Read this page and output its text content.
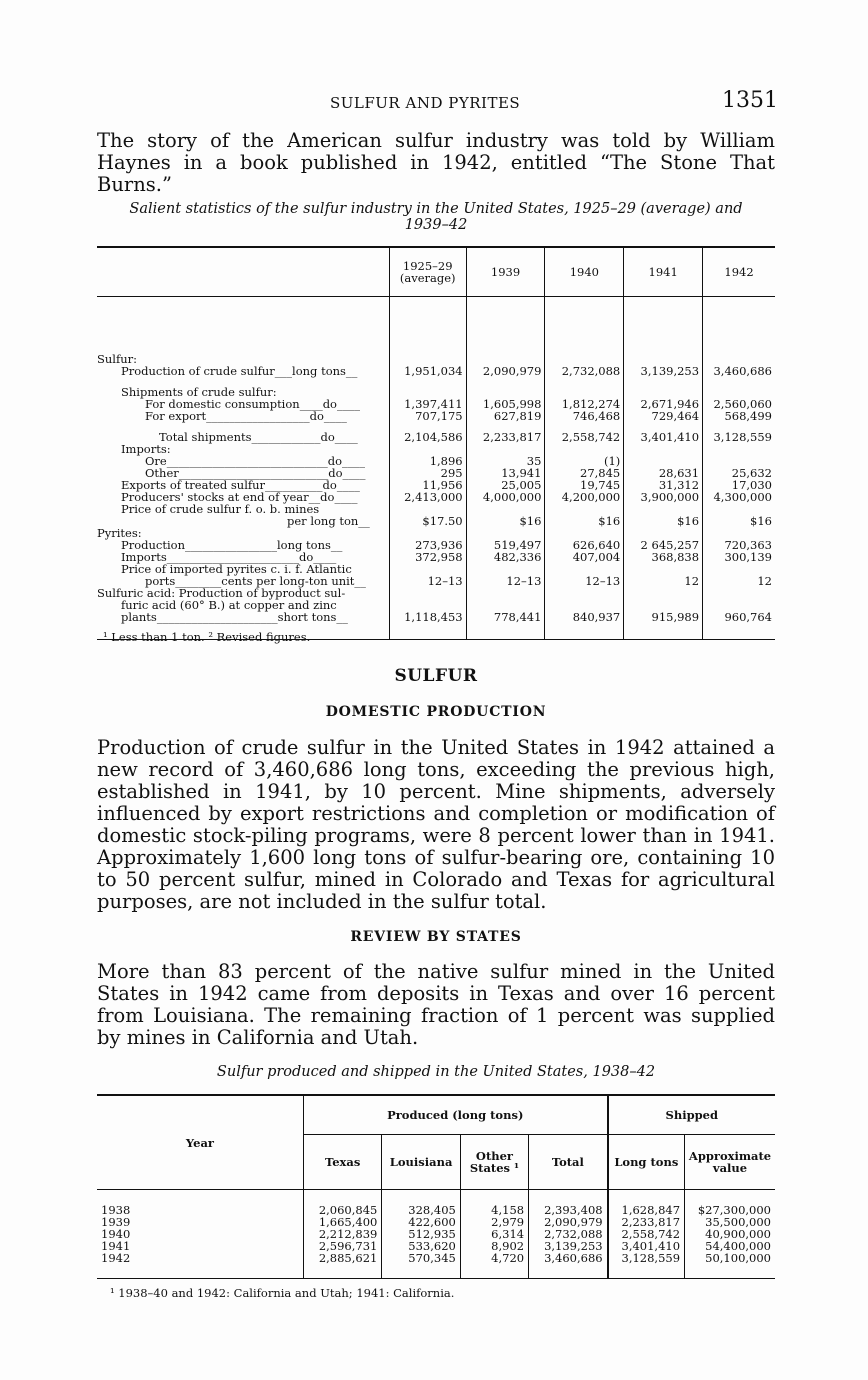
SULFUR AND PYRITES	1351
The story of the American sulfur industry was told by William Haynes in a book published in 1942, entitled “The Stone That Burns.”
Salient statistics of the sulfur industry in the United States, 1925–29 (average) and
1939–42
	1925–29 (average)	1939	1940	1941	1942
Sulfur:					
Production of crude sulfur___long tons__	1,951,034	2,090,979	2,732,088	3,139,253	3,460,686
Shipments of crude sulfur:					
For domestic consumption____do____	1,397,411	1,605,998	1,812,274	2,671,946	2,560,060
For export__________________do____	707,175	627,819	746,468	729,464	568,499
Total shipments____________do____	2,104,586	2,233,817	2,558,742	3,401,410	3,128,559
Imports:					
Ore____________________________do____	1,896	35	(1)		
Other__________________________do____	295	13,941	27,845	28,631	25,632
Exports of treated sulfur__________do____	11,956	25,005	19,745	31,312	17,030
Producers' stocks at end of year__do____	2,413,000	4,000,000	4,200,000	3,900,000	4,300,000
Price of crude sulfur f. o. b. mines					
per long ton__	$17.50	$16	$16	$16	$16
Pyrites:					
Production________________long tons__	273,936	519,497	626,640	2 645,257	720,363
Imports_______________________do____	372,958	482,336	407,004	368,838	300,139
Price of imported pyrites c. i. f. Atlantic					
ports________cents per long-ton unit__	12–13	12–13	12–13	12	12
Sulfuric acid: Production of byproduct sul-					
furic acid (60° B.) at copper and zinc					
plants_____________________short tons__	1,118,453	778,441	840,937	915,989	960,764
¹ Less than 1 ton. ² Revised figures.
SULFUR
DOMESTIC PRODUCTION
Production of crude sulfur in the United States in 1942 attained a new record of 3,460,686 long tons, exceeding the previous high, established in 1941, by 10 percent. Mine shipments, adversely influenced by export restrictions and completion or modification of domestic stock-piling programs, were 8 percent lower than in 1941. Approximately 1,600 long tons of sulfur-bearing ore, containing 10 to 50 percent sulfur, mined in Colorado and Texas for agricultural purposes, are not included in the sulfur total.
REVIEW BY STATES
More than 83 percent of the native sulfur mined in the United States in 1942 came from deposits in Texas and over 16 percent from Louisiana. The remaining fraction of 1 percent was supplied by mines in California and Utah.
Sulfur produced and shipped in the United States, 1938–42
Year	Produced (long tons)				Shipped	
	Texas	Louisiana	Other States ¹	Total	Long tons	Approximate value
1938	2,060,845	328,405	4,158	2,393,408	1,628,847	$27,300,000
1939	1,665,400	422,600	2,979	2,090,979	2,233,817	35,500,000
1940	2,212,839	512,935	6,314	2,732,088	2,558,742	40,900,000
1941	2,596,731	533,620	8,902	3,139,253	3,401,410	54,400,000
1942	2,885,621	570,345	4,720	3,460,686	3,128,559	50,100,000
¹ 1938–40 and 1942: California and Utah; 1941: California.
